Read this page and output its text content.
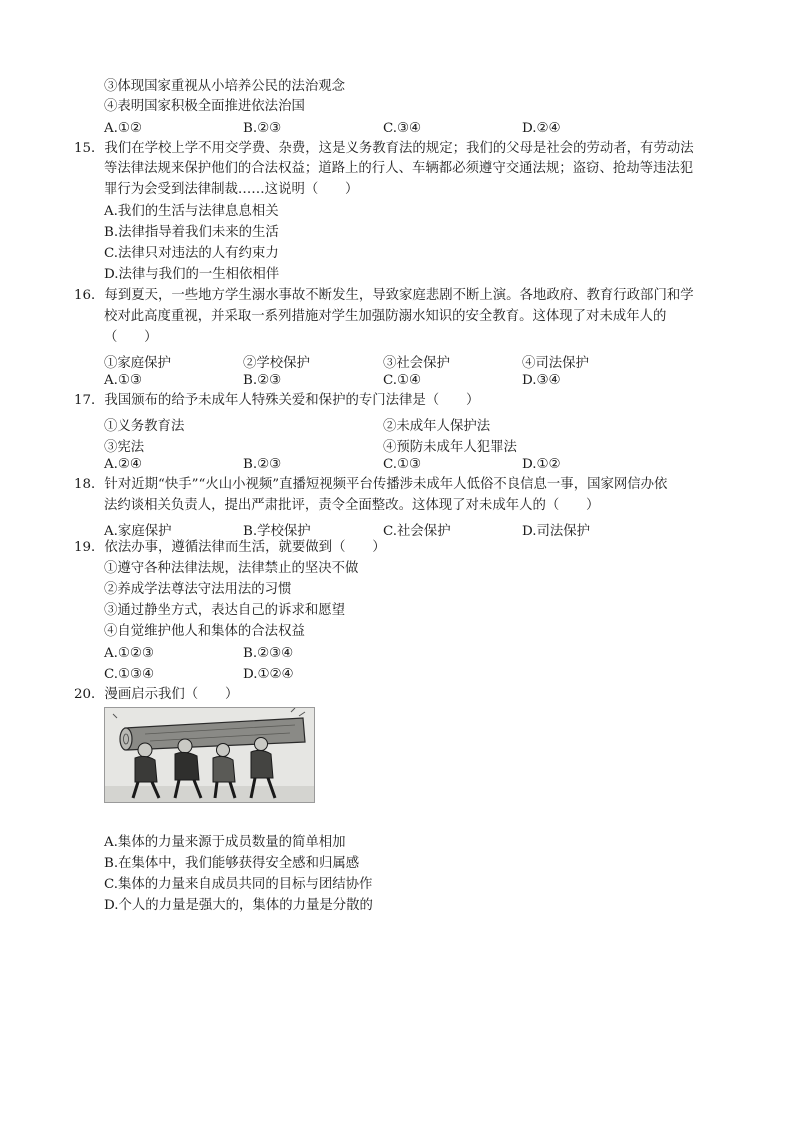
③体现国家重视从小培养公民的法治观念
④表明国家积极全面推进依法治国
A.①②	B.②③	C.③④	D.②④
15．我们在学校上学不用交学费、杂费，这是义务教育法的规定；我们的父母是社会的劳动者，有劳动法
等法律法规来保护他们的合法权益；道路上的行人、车辆都必须遵守交通法规；盗窃、抢劫等违法犯
罪行为会受到法律制裁……这说明（　　）
A.我们的生活与法律息息相关
B.法律指导着我们未来的生活
C.法律只对违法的人有约束力
D.法律与我们的一生相依相伴
16．每到夏天，一些地方学生溺水事故不断发生，导致家庭悲剧不断上演。各地政府、教育行政部门和学
校对此高度重视，并采取一系列措施对学生加强防溺水知识的安全教育。这体现了对未成年人的
（　　）
①家庭保护	②学校保护	③社会保护	④司法保护
A.①③	B.②③	C.①④	D.③④
17．我国颁布的给予未成年人特殊关爱和保护的专门法律是（　　）
①义务教育法	②未成年人保护法
③宪法	④预防未成年人犯罪法
A.②④	B.②③	C.①③	D.①②
18．针对近期“快手”“火山小视频”直播短视频平台传播涉未成年人低俗不良信息一事，国家网信办依
法约谈相关负责人，提出严肃批评，责令全面整改。这体现了对未成年人的（　　）
A.家庭保护	B.学校保护	C.社会保护	D.司法保护
19．依法办事，遵循法律而生活，就要做到（　　）
①遵守各种法律法规，法律禁止的坚决不做
②养成学法尊法守法用法的习惯
③通过静坐方式，表达自己的诉求和愿望
④自觉维护他人和集体的合法权益
A.①②③	B.②③④
C.①③④	D.①②④
20．漫画启示我们（　　）
A.集体的力量来源于成员数量的简单相加
B.在集体中，我们能够获得安全感和归属感
C.集体的力量来自成员共同的目标与团结协作
D.个人的力量是强大的，集体的力量是分散的
